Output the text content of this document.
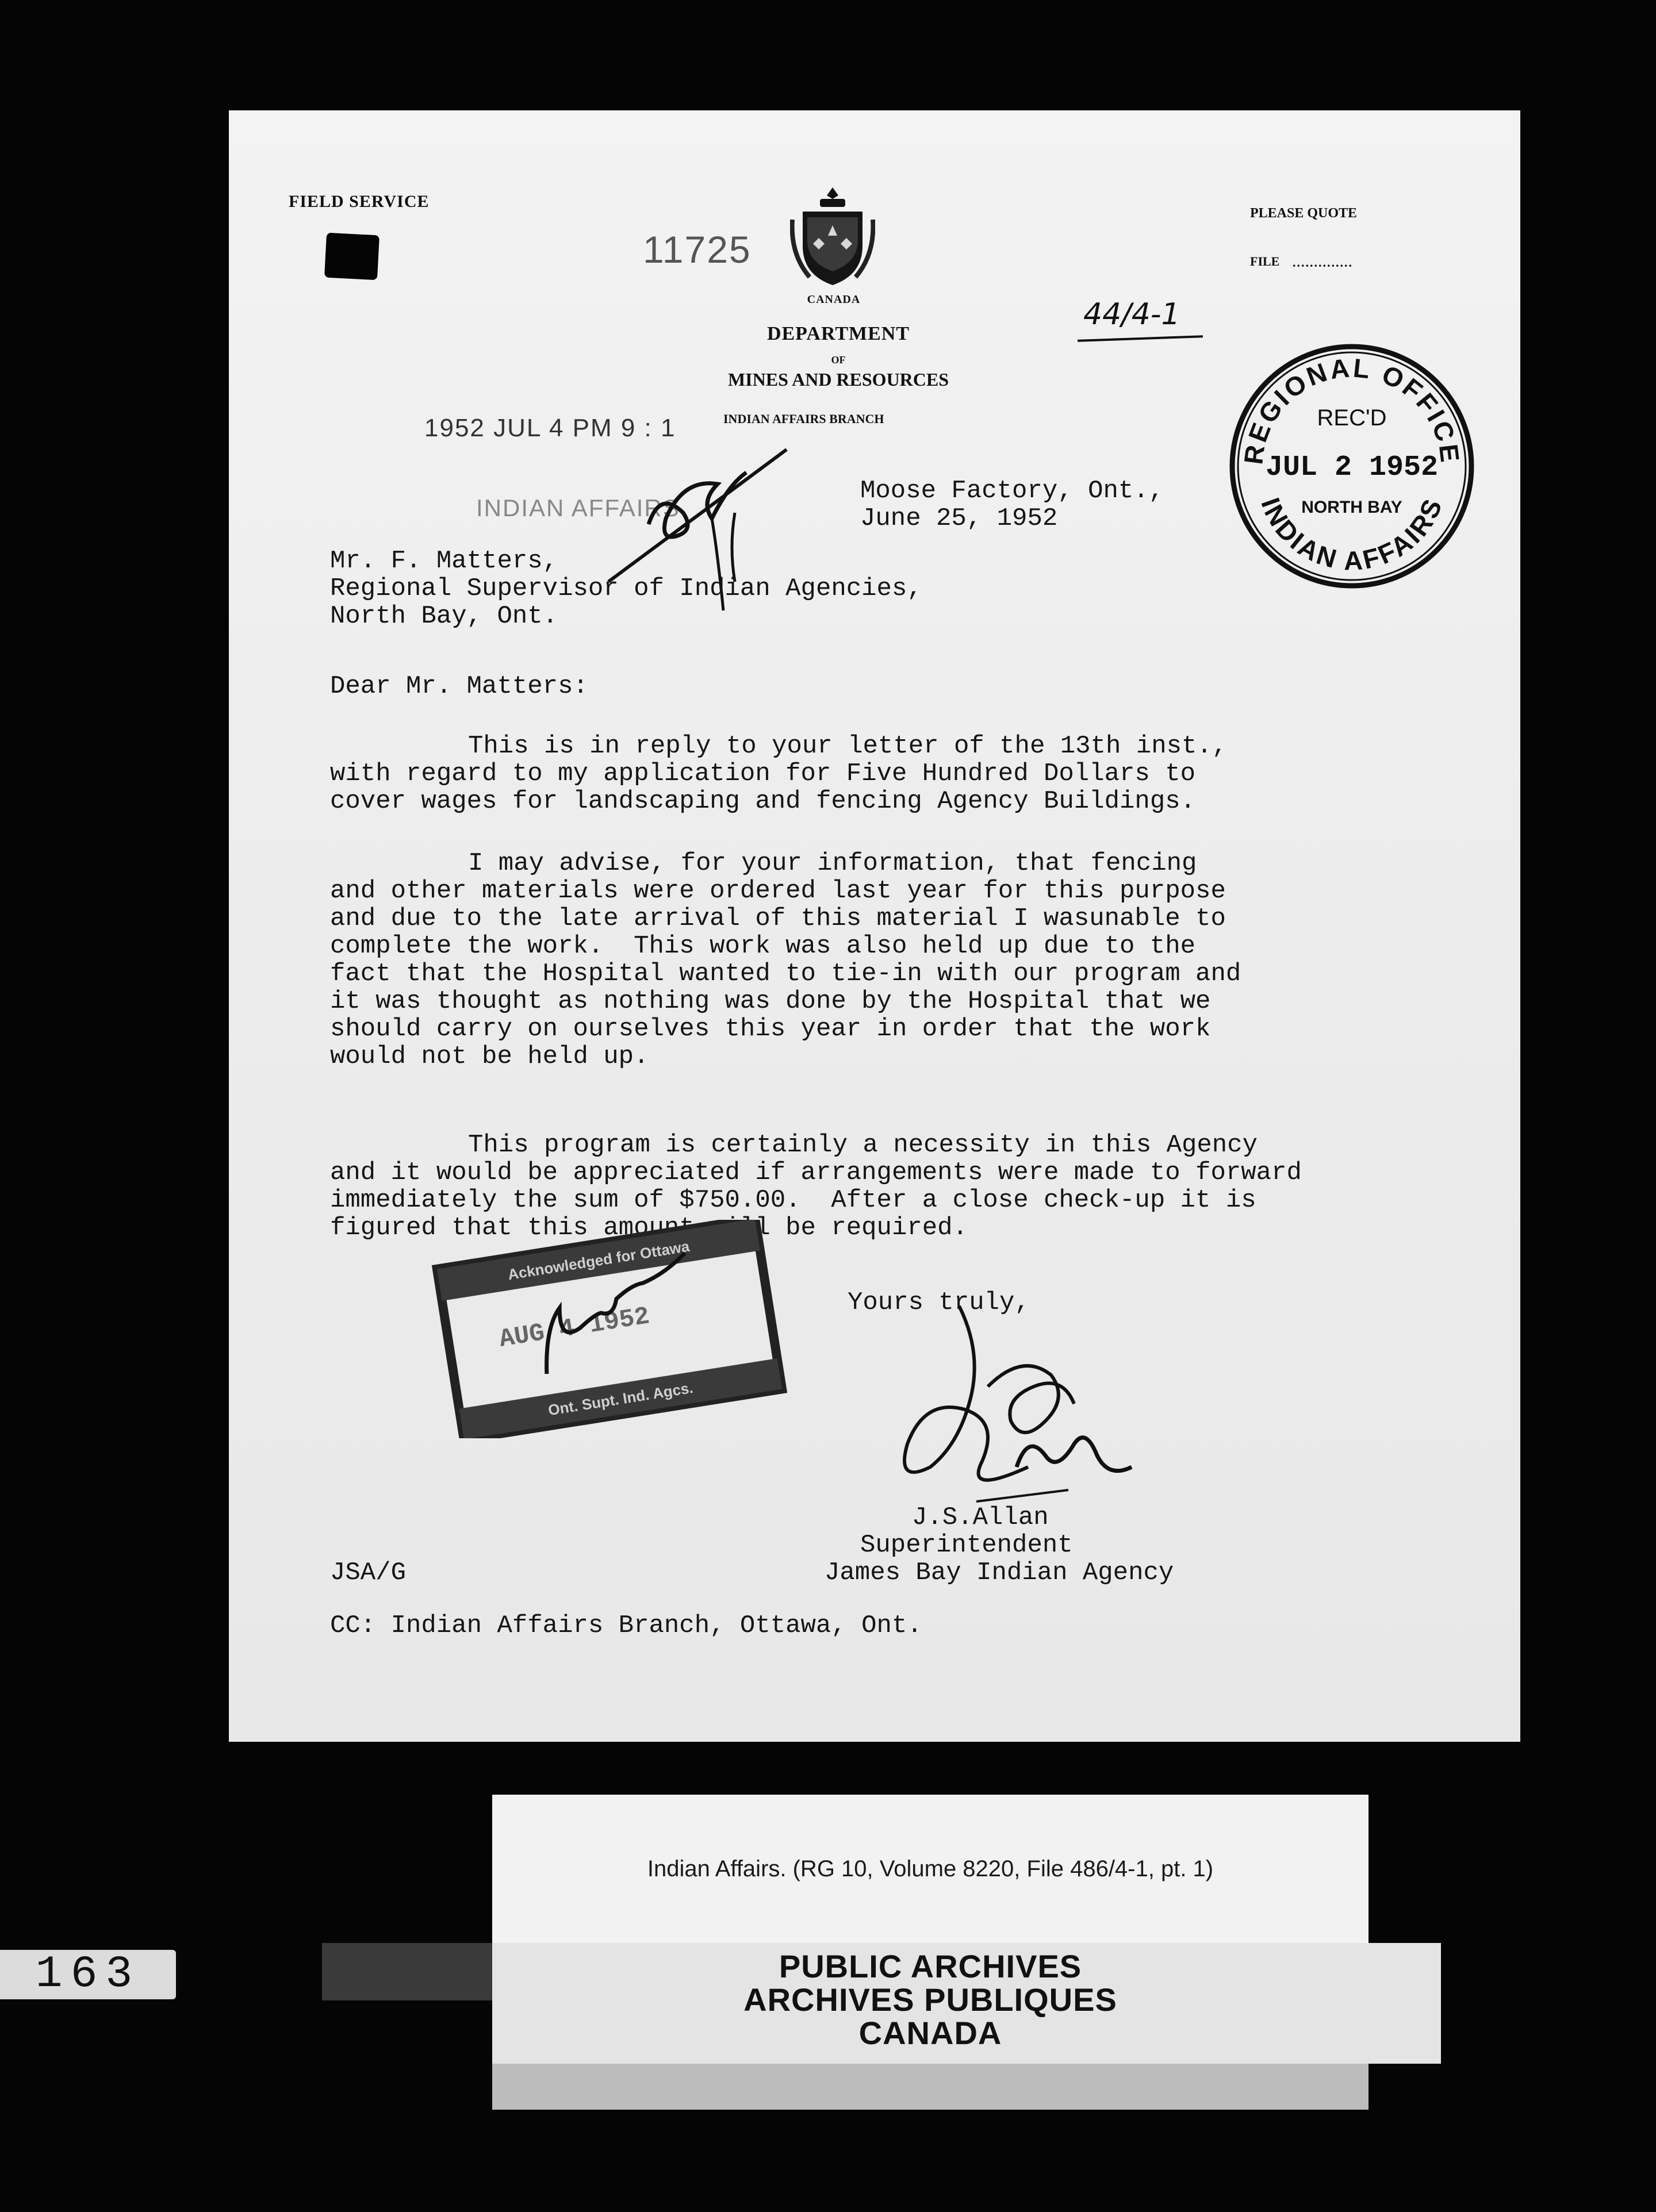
FIELD SERVICE
11725
CANADA
DEPARTMENT
OF
MINES AND RESOURCES
INDIAN AFFAIRS BRANCH
PLEASE QUOTE
FILE ..............
44/4-1
REGIONAL OFFICE
INDIAN AFFAIRS
REC'D
JUL 2 1952
NORTH BAY
1952 JUL 4 PM 9 : 1
INDIAN AFFAIRS
Moose Factory, Ont.,
June 25, 1952
Mr. F. Matters,
Regional Supervisor of Indian Agencies,
North Bay, Ont.
Dear Mr. Matters:
This is in reply to your letter of the 13th inst.,
with regard to my application for Five Hundred Dollars to
cover wages for landscaping and fencing Agency Buildings.
I may advise, for your information, that fencing
and other materials were ordered last year for this purpose
and due to the late arrival of this material I wasunable to
complete the work.  This work was also held up due to the
fact that the Hospital wanted to tie-in with our program and
it was thought as nothing was done by the Hospital that we
should carry on ourselves this year in order that the work
would not be held up.
This program is certainly a necessity in this Agency
and it would be appreciated if arrangements were made to forward
immediately the sum of $750.00.  After a close check-up it is
figured that this amount will be required.
Yours truly,
Acknowledged for Ottawa
AUG 4 1952
Ont. Supt. Ind. Agcs.
J.S.Allan
Superintendent
James Bay Indian Agency
JSA/G
CC: Indian Affairs Branch, Ottawa, Ont.
Indian Affairs. (RG 10, Volume 8220, File 486/4-1, pt. 1)
PUBLIC ARCHIVES
ARCHIVES PUBLIQUES
CANADA
163
